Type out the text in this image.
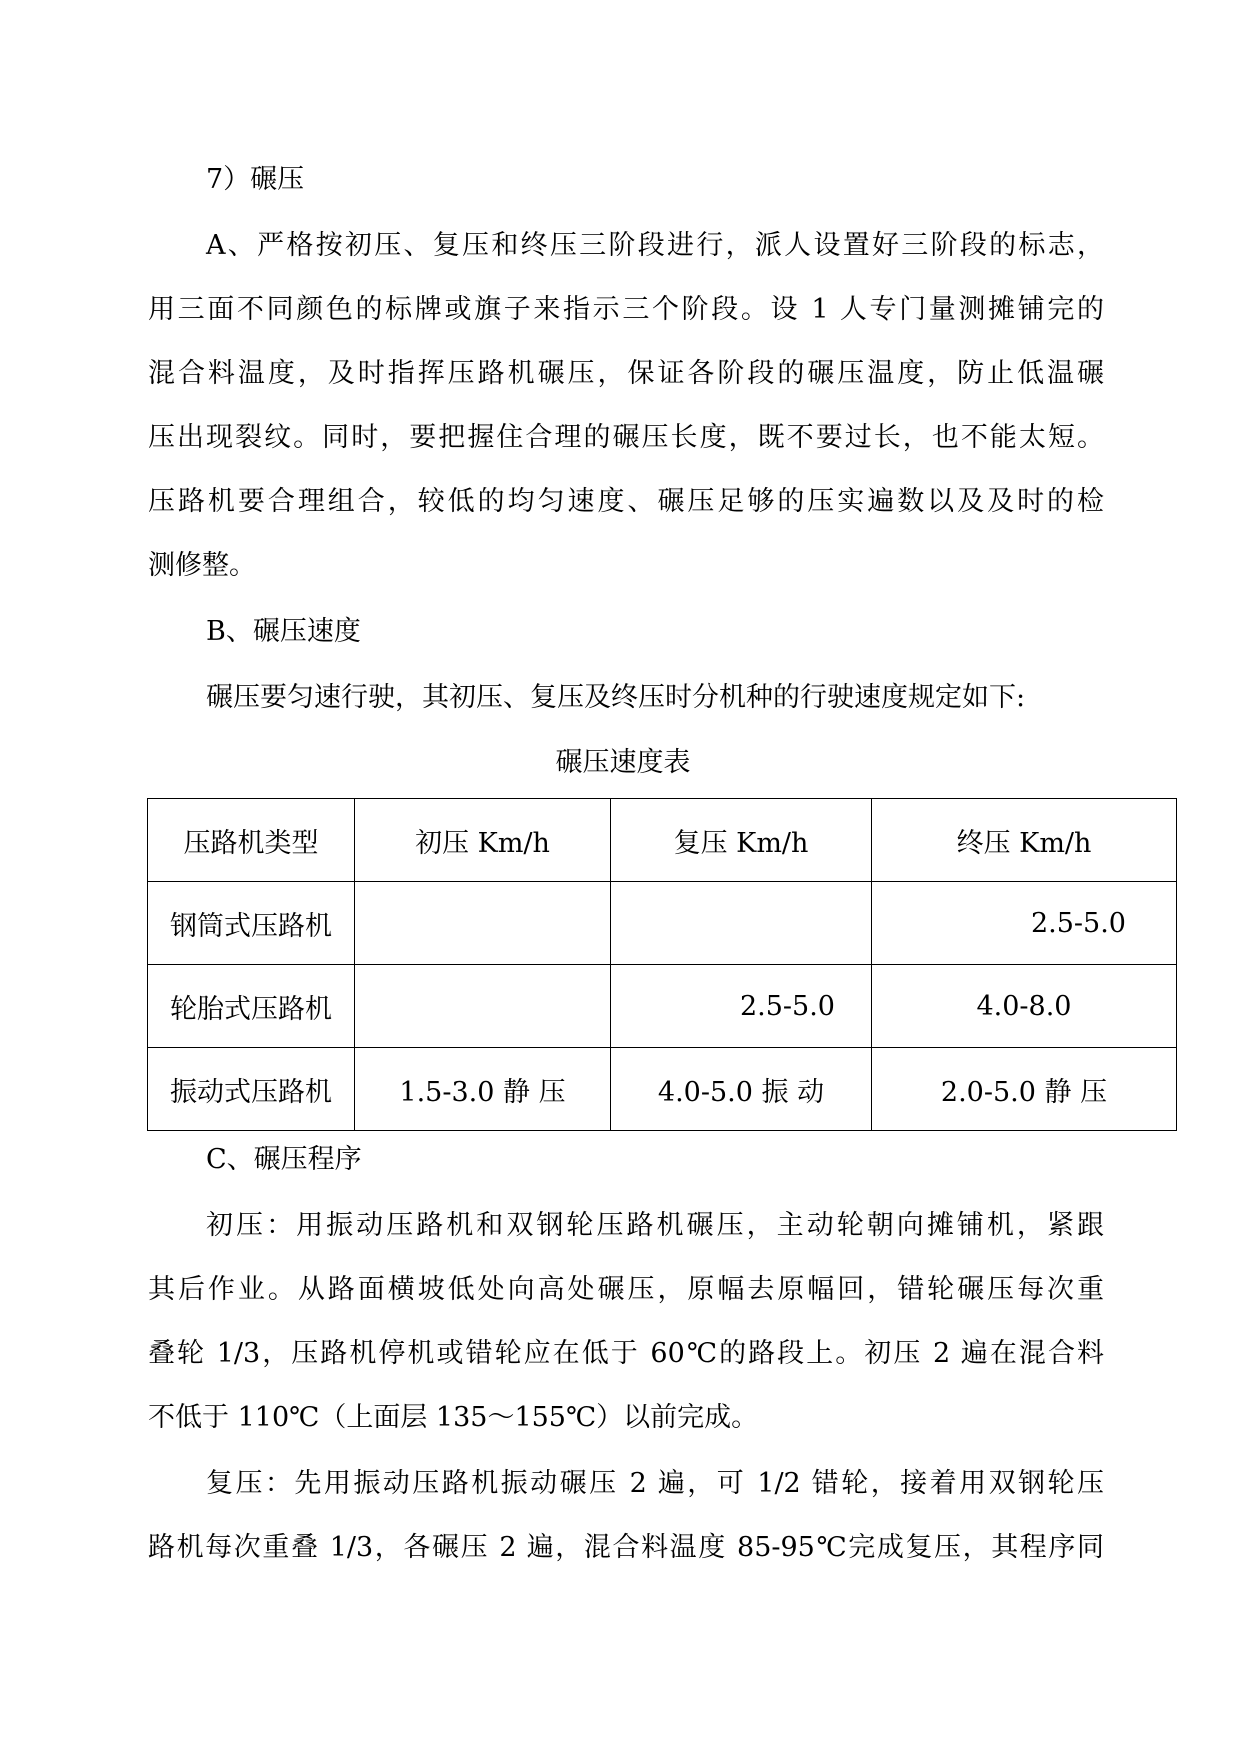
7）碾压
A、严格按初压、复压和终压三阶段进行，派人设置好三阶段的标志，
用三面不同颜色的标牌或旗子来指示三个阶段。设 1 人专门量测摊铺完的
混合料温度，及时指挥压路机碾压，保证各阶段的碾压温度，防止低温碾
压出现裂纹。同时，要把握住合理的碾压长度，既不要过长，也不能太短。
压路机要合理组合，较低的均匀速度、碾压足够的压实遍数以及及时的检
测修整。
B、碾压速度
碾压要匀速行驶，其初压、复压及终压时分机种的行驶速度规定如下:
碾压速度表
压路机类型	初压 Km/h	复压 Km/h	终压 Km/h
钢筒式压路机			2.5-5.0
轮胎式压路机		2.5-5.0	4.0-8.0
振动式压路机	1.5-3.0 静 压	4.0-5.0 振 动	2.0-5.0 静 压
C、碾压程序
初压：用振动压路机和双钢轮压路机碾压，主动轮朝向摊铺机，紧跟
其后作业。从路面横坡低处向高处碾压，原幅去原幅回，错轮碾压每次重
叠轮 1/3，压路机停机或错轮应在低于 60℃的路段上。初压 2 遍在混合料
不低于 110℃（上面层 135～155℃）以前完成。
复压：先用振动压路机振动碾压 2 遍，可 1/2 错轮，接着用双钢轮压
路机每次重叠 1/3，各碾压 2 遍，混合料温度 85-95℃完成复压，其程序同
